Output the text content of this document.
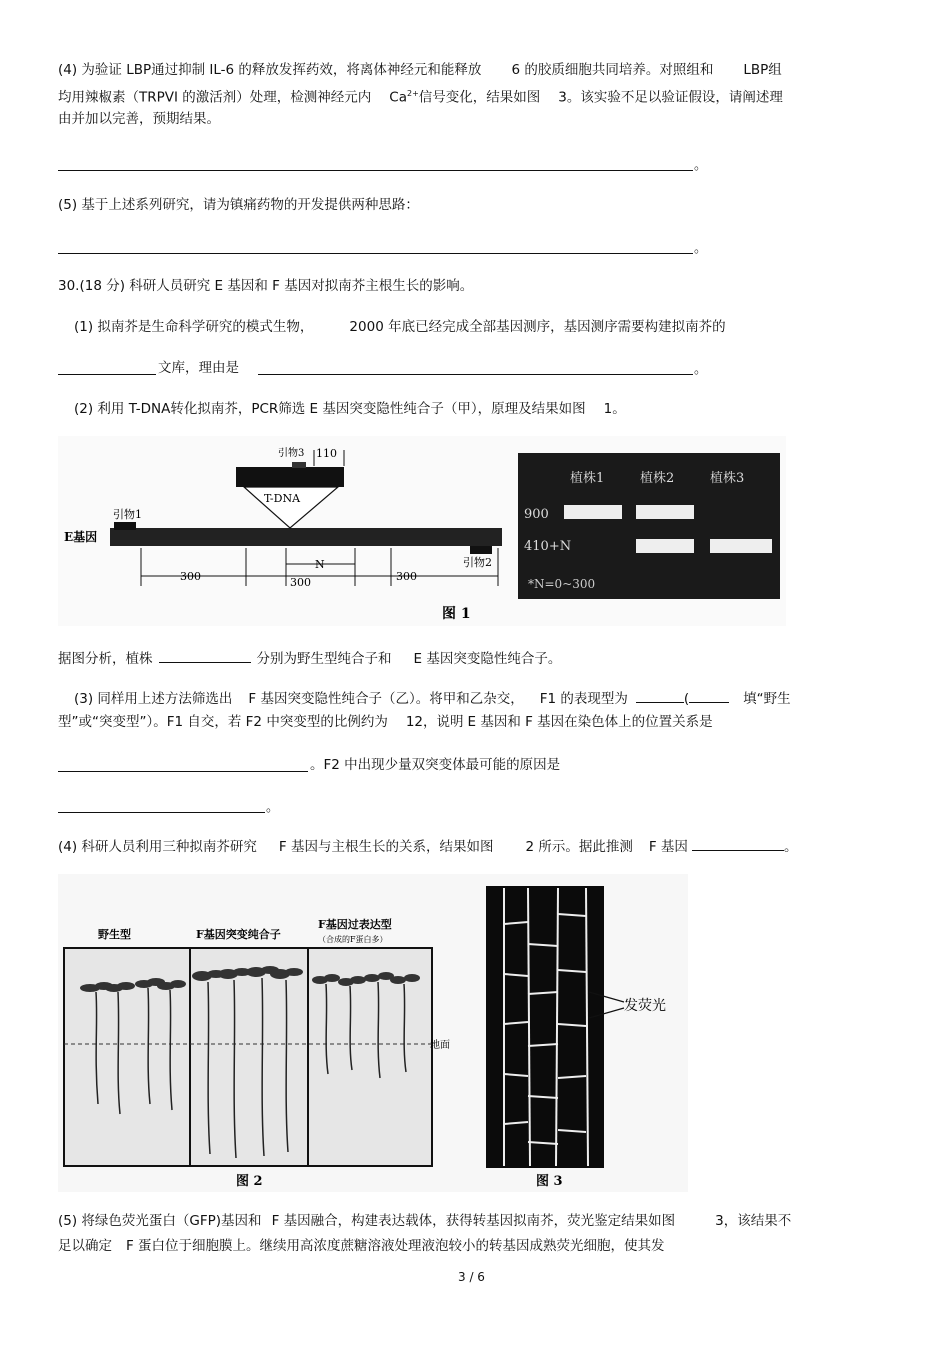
(4) 为验证 LBP通过抑制 IL-6 的释放发挥药效，将离体神经元和能释放 6 的胶质细胞共同培养。对照组和 LBP组
均用辣椒素（TRPVI 的激活剂）处理，检测神经元内 $Ca^{2+}$信号变化，结果如图 3。该实验不足以验证假设，请阐述理
由并加以完善，预期结果。
。
(5) 基于上述系列研究，请为镇痛药物的开发提供两种思路：
。
30.(18 分) 科研人员研究 E 基因和 F 基因对拟南芥主根生长的影响。
(1) 拟南芥是生命科学研究的模式生物，	2000 年底已经完成全部基因测序，基因测序需要构建拟南芥的
文库，理由是	。
(2) 利用 T-DNA转化拟南芥，PCR筛选 E 基因突变隐性纯合子（甲），原理及结果如图 1。
引物1
E基因
引物2
引物3 110
T-DNA
N
300	300	300
图 1
植株1	植株2	植株3
900
410+N
*N=0~300
据图分析，植株	分别为野生型纯合子和 E 基因突变隐性纯合子。
(3) 同样用上述方法筛选出 F 基因突变隐性纯合子（乙）。将甲和乙杂交， F1 的表现型为	(	填“野生
型”或“突变型”）。F1 自交，若 F2 中突变型的比例约为 12，说明 E 基因和 F 基因在染色体上的位置关系是
。F2 中出现少量双突变体最可能的原因是
。
(4) 科研人员利用三种拟南芥研究 F 基因与主根生长的关系，结果如图 2 所示。据此推测 F 基因	。
野生型	F基因突变纯合子
F基因过表达型
（合成的F蛋白多）
地面
图 2
发荧光
图 3
(5) 将绿色荧光蛋白（GFP)基因和 F 基因融合，构建表达载体，获得转基因拟南芥，荧光鉴定结果如图	3，该结果不
足以确定 F 蛋白位于细胞膜上。继续用高浓度蔗糖溶液处理液泡较小的转基因成熟荧光细胞，使其发
3 / 6
